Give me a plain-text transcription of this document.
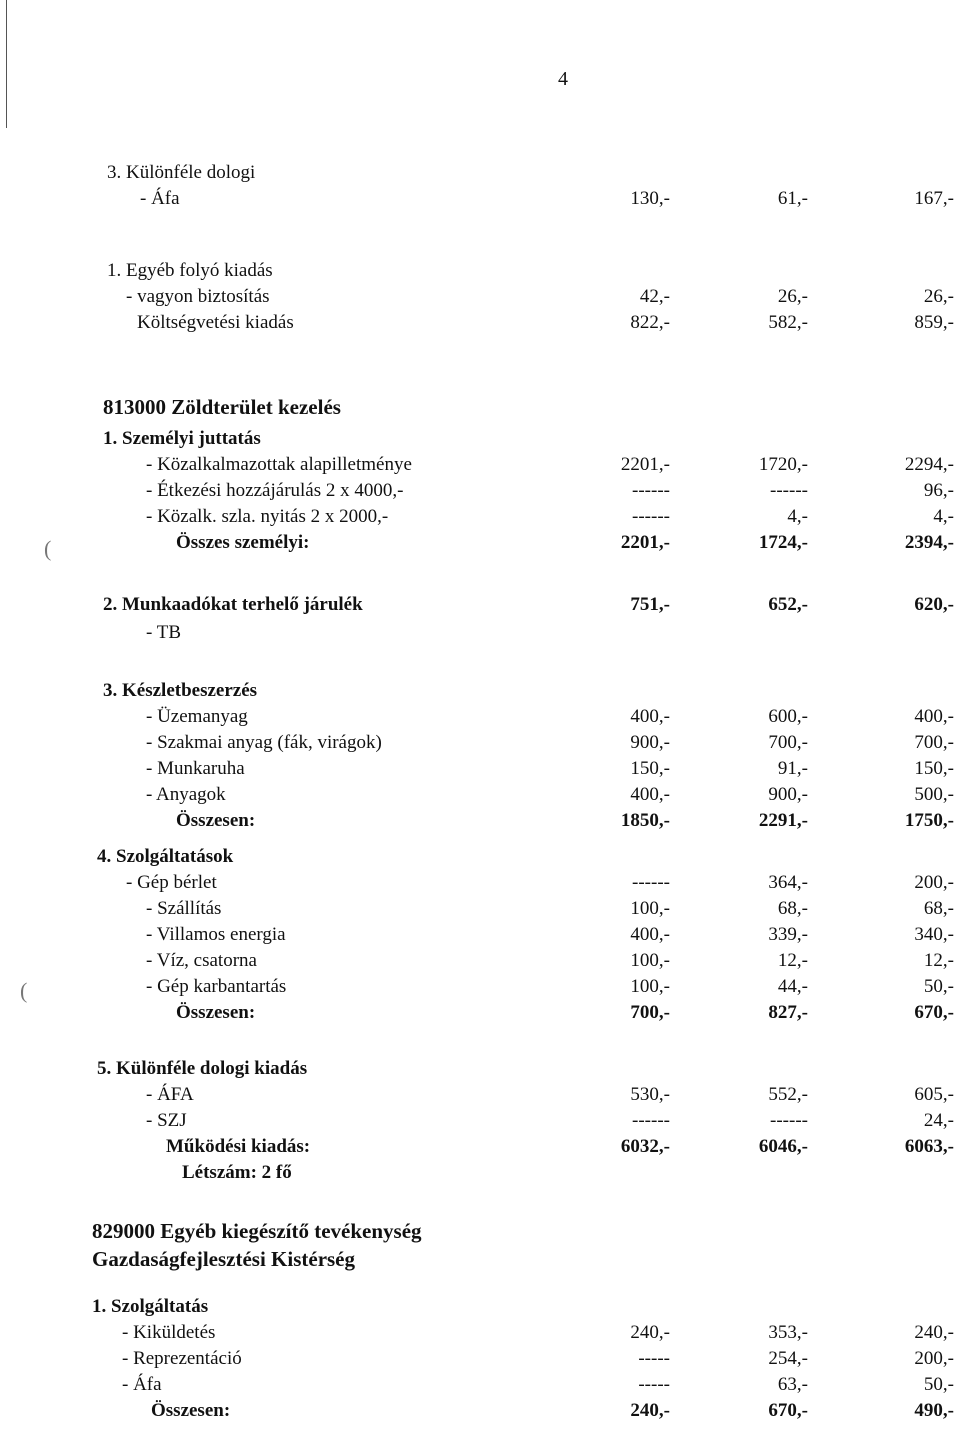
4
(
(
3. Különféle dologi
- Áfa	130,-	61,-	167,-
1. Egyéb folyó kiadás
- vagyon biztosítás	42,-	26,-	26,-
Költségvetési kiadás	822,-	582,-	859,-
813000 Zöldterület kezelés
1. Személyi juttatás
- Közalkalmazottak alapilletménye	2201,-	1720,-	2294,-
- Étkezési hozzájárulás 2 x 4000,-	------	------	96,-
- Közalk. szla. nyitás 2 x 2000,-	------	4,-	4,-
Összes személyi:	2201,-	1724,-	2394,-
2. Munkaadókat terhelő járulék	751,-	652,-	620,-
- TB
3. Készletbeszerzés
- Üzemanyag	400,-	600,-	400,-
- Szakmai anyag (fák, virágok)	900,-	700,-	700,-
- Munkaruha	150,-	91,-	150,-
- Anyagok	400,-	900,-	500,-
Összesen:	1850,-	2291,-	1750,-
4. Szolgáltatások
- Gép bérlet	------	364,-	200,-
- Szállítás	100,-	68,-	68,-
- Villamos energia	400,-	339,-	340,-
- Víz, csatorna	100,-	12,-	12,-
- Gép karbantartás	100,-	44,-	50,-
Összesen:	700,-	827,-	670,-
5. Különféle dologi kiadás
- ÁFA	530,-	552,-	605,-
- SZJ	------	------	24,-
Működési kiadás:	6032,-	6046,-	6063,-
Létszám: 2 fő
829000 Egyéb kiegészítő tevékenység
Gazdaságfejlesztési Kistérség
1. Szolgáltatás
- Kiküldetés	240,-	353,-	240,-
- Reprezentáció	-----	254,-	200,-
- Áfa	-----	63,-	50,-
Összesen:	240,-	670,-	490,-
